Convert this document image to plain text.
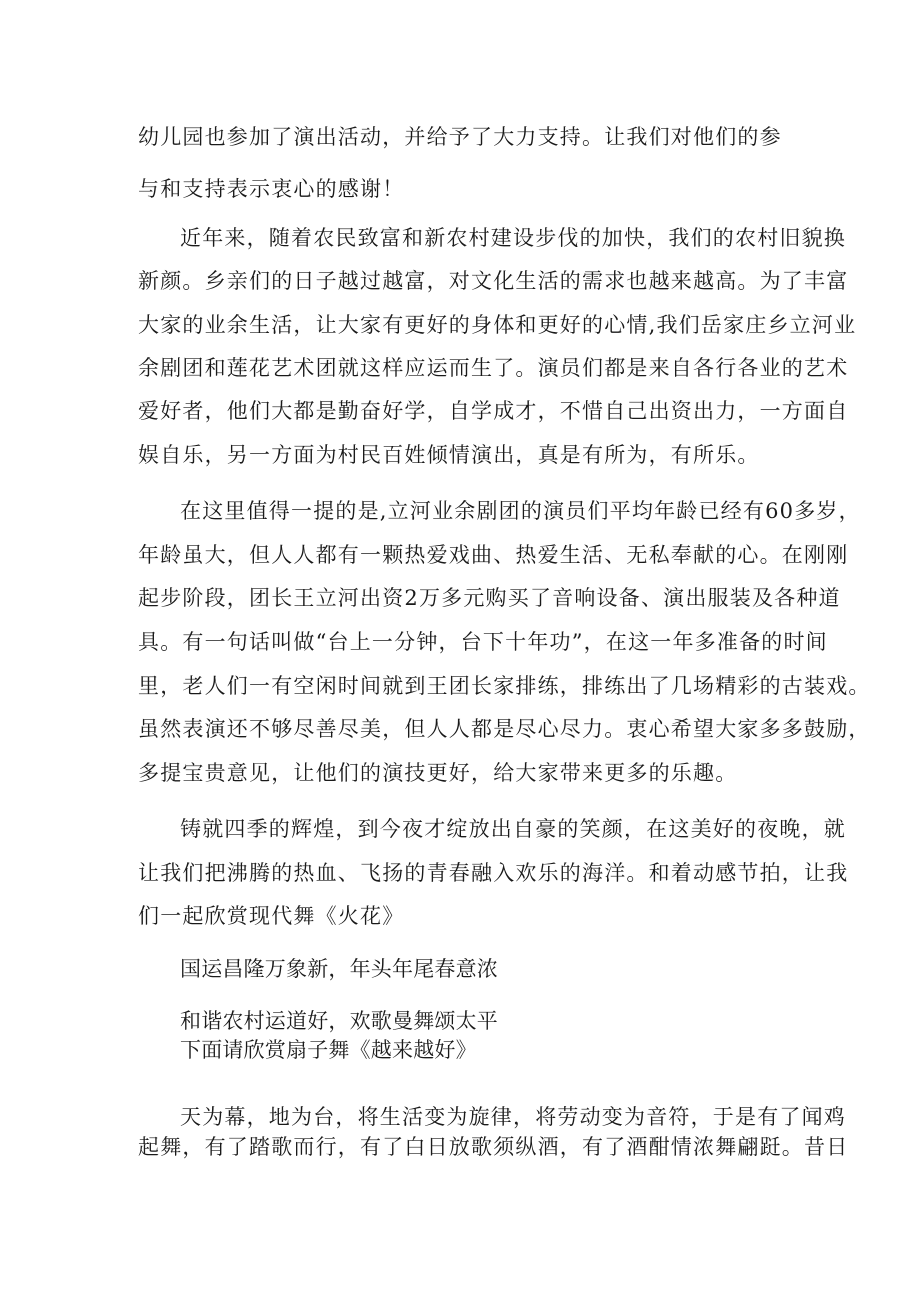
幼儿园也参加了演出活动，并给予了大力支持。让我们对他们的参
与和支持表示衷心的感谢！
近年来，随着农民致富和新农村建设步伐的加快，我们的农村旧貌换
新颜。乡亲们的日子越过越富，对文化生活的需求也越来越高。为了丰富
大家的业余生活，让大家有更好的身体和更好的心情,我们岳家庄乡立河业
余剧团和莲花艺术团就这样应运而生了。演员们都是来自各行各业的艺术
爱好者，他们大都是勤奋好学，自学成才，不惜自己出资出力，一方面自
娱自乐，另一方面为村民百姓倾情演出，真是有所为，有所乐。
在这里值得一提的是,立河业余剧团的演员们平均年龄已经有60多岁，
年龄虽大，但人人都有一颗热爱戏曲、热爱生活、无私奉献的心。在刚刚
起步阶段，团长王立河出资2万多元购买了音响设备、演出服装及各种道
具。有一句话叫做“台上一分钟，台下十年功”，在这一年多准备的时间
里，老人们一有空闲时间就到王团长家排练，排练出了几场精彩的古装戏。
虽然表演还不够尽善尽美，但人人都是尽心尽力。衷心希望大家多多鼓励，
多提宝贵意见，让他们的演技更好，给大家带来更多的乐趣。
铸就四季的辉煌，到今夜才绽放出自豪的笑颜，在这美好的夜晚，就
让我们把沸腾的热血、飞扬的青春融入欢乐的海洋。和着动感节拍，让我
们一起欣赏现代舞《火花》
国运昌隆万象新，年头年尾春意浓
和谐农村运道好，欢歌曼舞颂太平
下面请欣赏扇子舞《越来越好》
天为幕，地为台，将生活变为旋律，将劳动变为音符，于是有了闻鸡
起舞，有了踏歌而行，有了白日放歌须纵酒，有了酒酣情浓舞翩跹。昔日
